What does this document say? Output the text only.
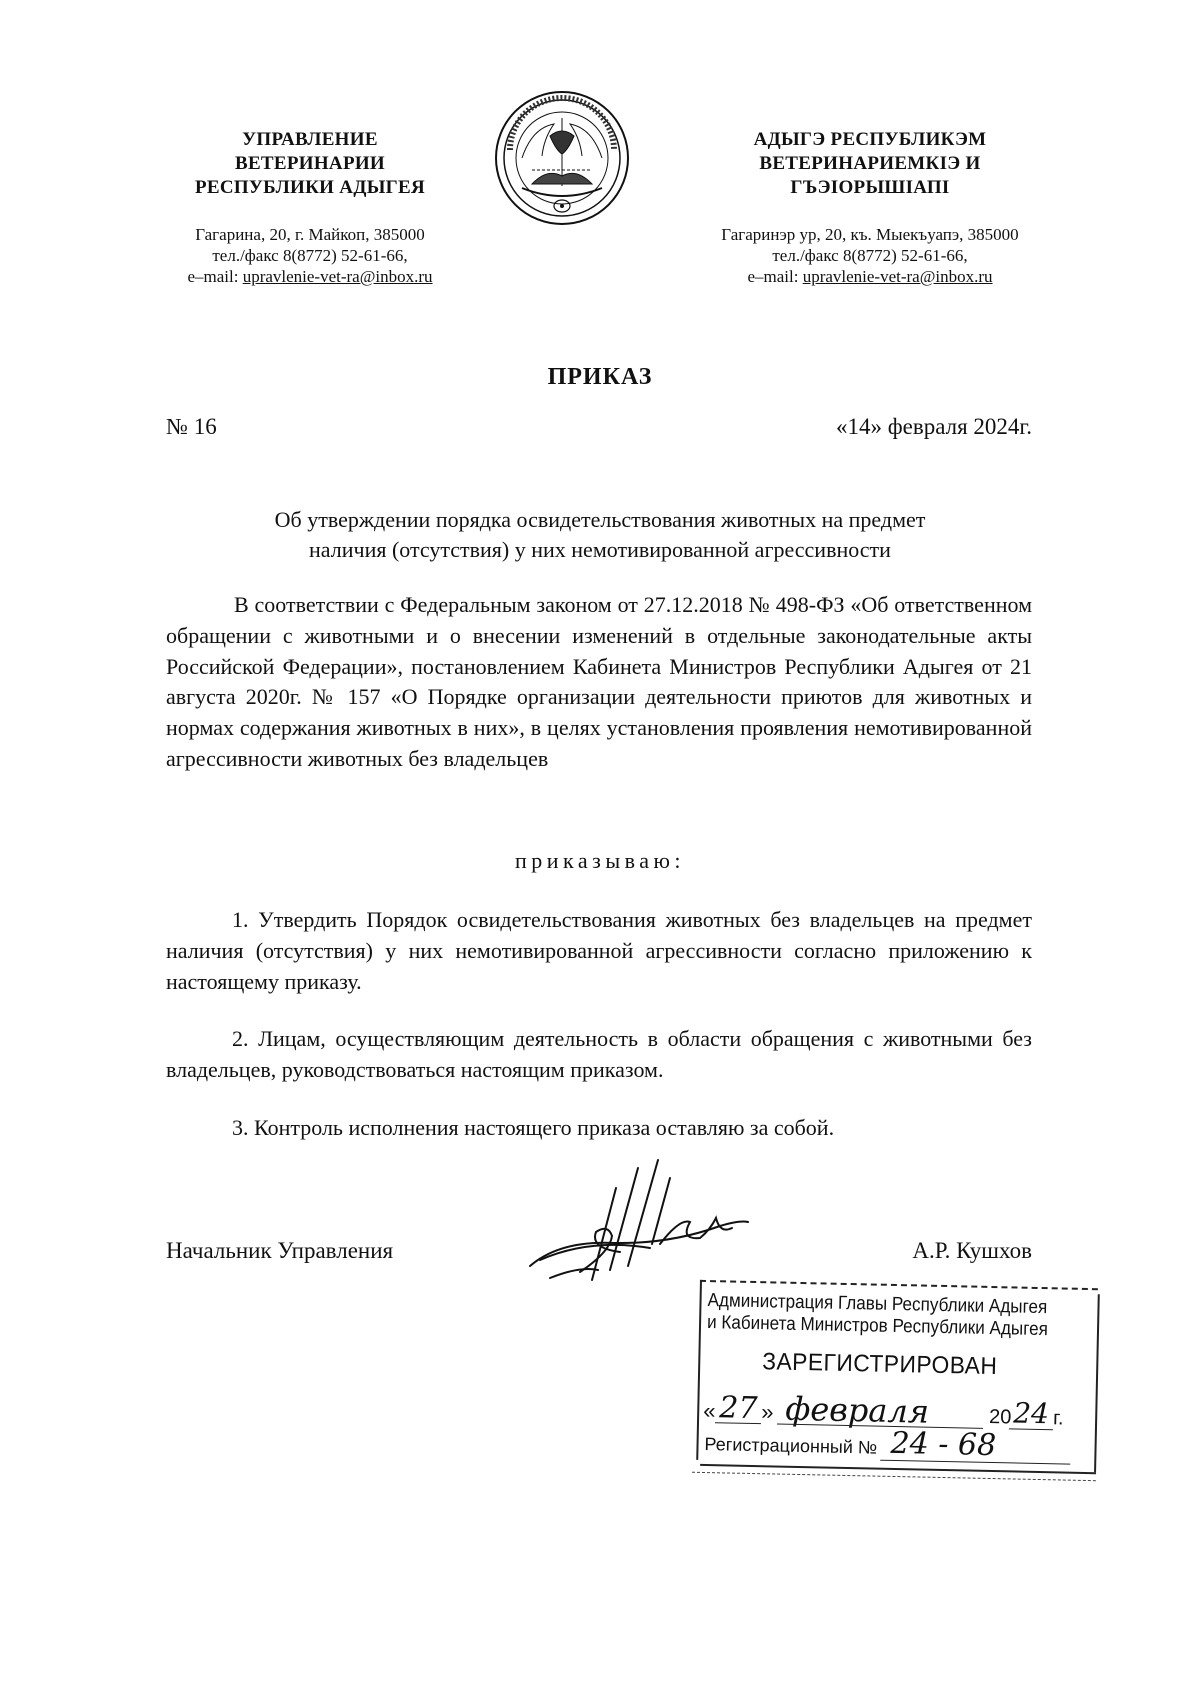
УПРАВЛЕНИЕ
ВЕТЕРИНАРИИ
РЕСПУБЛИКИ АДЫГЕЯ
Гагарина, 20, г. Майкоп, 385000
тел./факс 8(8772) 52-61-66,
e–mail: upravlenie-vet-ra@inbox.ru
АДЫГЭ РЕСПУБЛИКЭМ
ВЕТЕРИНАРИЕМКIЭ И
ГЪЭIОРЫШIАПI
Гагаринэр ур, 20, къ. Мыекъуапэ, 385000
тел./факс 8(8772) 52-61-66,
e–mail: upravlenie-vet-ra@inbox.ru
ПРИКАЗ
№ 16	«14» февраля 2024г.
Об утверждении порядка освидетельствования животных на предмет
наличия (отсутствия) у них немотивированной агрессивности
В соответствии с Федеральным законом от 27.12.2018 № 498-ФЗ «Об ответственном обращении с животными и о внесении изменений в отдельные законодательные акты Российской Федерации», постановлением Кабинета Министров Республики Адыгея от 21 августа 2020г. № 157 «О Порядке организации деятельности приютов для животных и нормах содержания животных в них», в целях установления проявления немотивированной агрессивности животных без владельцев
приказываю:
1. Утвердить Порядок освидетельствования животных без владельцев на предмет наличия (отсутствия) у них немотивированной агрессивности согласно приложению к настоящему приказу.
2. Лицам, осуществляющим деятельность в области обращения с животными без владельцев, руководствоваться настоящим приказом.
3. Контроль исполнения настоящего приказа оставляю за собой.
Начальник Управления	А.Р. Кушхов
Администрация Главы Республики Адыгея
и Кабинета Министров Республики Адыгея
ЗАРЕГИСТРИРОВАН
« 27 » февраля	20 24 г.
Регистрационный № 24 - 68
